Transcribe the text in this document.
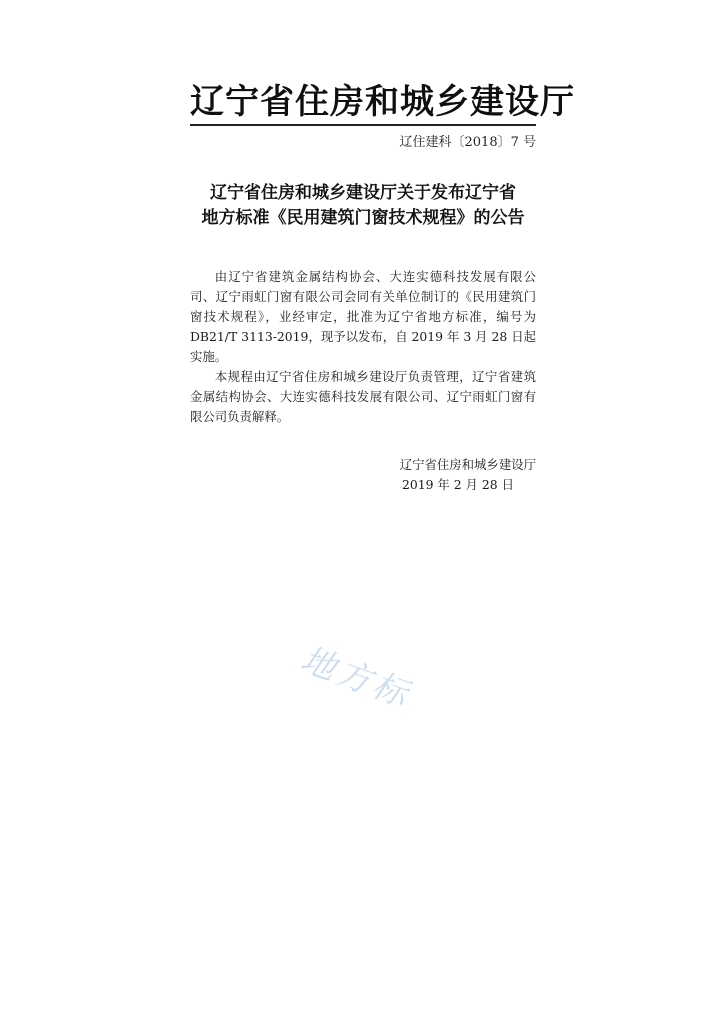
辽宁省住房和城乡建设厅
辽住建科〔2018〕7 号
辽宁省住房和城乡建设厅关于发布辽宁省
地方标准《民用建筑门窗技术规程》的公告

由辽宁省建筑金属结构协会、大连实德科技发展有限公司、辽宁雨虹门窗有限公司会同有关单位制订的《民用建筑门窗技术规程》，业经审定，批准为辽宁省地方标准，编号为 DB21/T 3113-2019，现予以发布，自 2019 年 3 月 28 日起实施。

本规程由辽宁省住房和城乡建设厅负责管理，辽宁省建筑金属结构协会、大连实德科技发展有限公司、辽宁雨虹门窗有限公司负责解释。

辽宁省住房和城乡建设厅
2019 年 2 月 28 日
地方标
